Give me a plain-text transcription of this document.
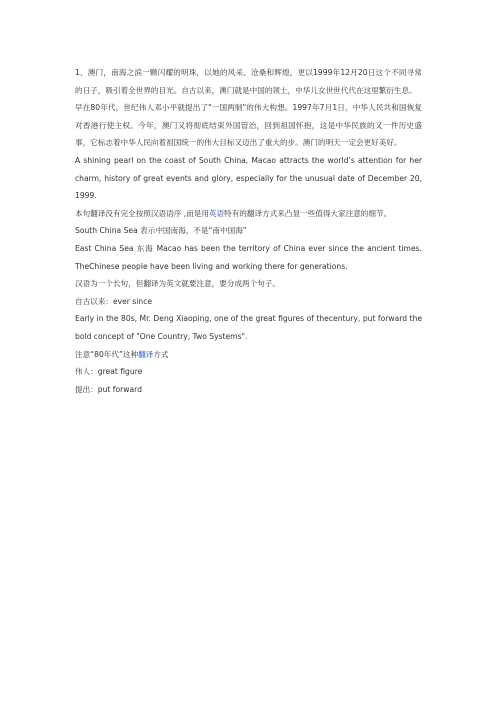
1、澳门，南海之滨一颗闪耀的明珠，以她的风采、沧桑和辉煌，更以1999年12月20日这个不同寻常的日子，吸引着全世界的目光。自古以来，澳门就是中国的领土，中华儿女世世代代在这里繁衍生息。

早在80年代，世纪伟人邓小平就提出了"一国两制"的伟大构想。1997年7月1日，中华人民共和国恢复对香港行使主权。今年，澳门又将彻底结束外国管治，回到祖国怀抱，这是中华民族的又一件历史盛事，它标志着中华人民向着祖国统一的伟大目标又迈出了重大的步。澳门的明天一定会更好美好。

A shining pearl on the coast of South China, Macao attracts the world’s attention for her charm, history of great events and glory, especially for the unusual date of December 20, 1999.

本句翻译没有完全按照汉语语序 ,而是用英语特有的翻译方式来凸显一些值得大家注意的细节。

South China Sea 表示中国南海，不是“南中国海”

East China Sea 东海 Macao has been the territory of China ever since the ancient times. TheChinese people have been living and working there for generations.

汉语为一个长句，但翻译为英文就要注意，要分成两个句子。

自古以来：ever since

Early in the 80s, Mr. Deng Xiaoping, one of the great figures of thecentury, put forward the bold concept of "One Country, Two Systems".

注意“80年代”这种翻译方式

伟人：great figure

提出：put forward
